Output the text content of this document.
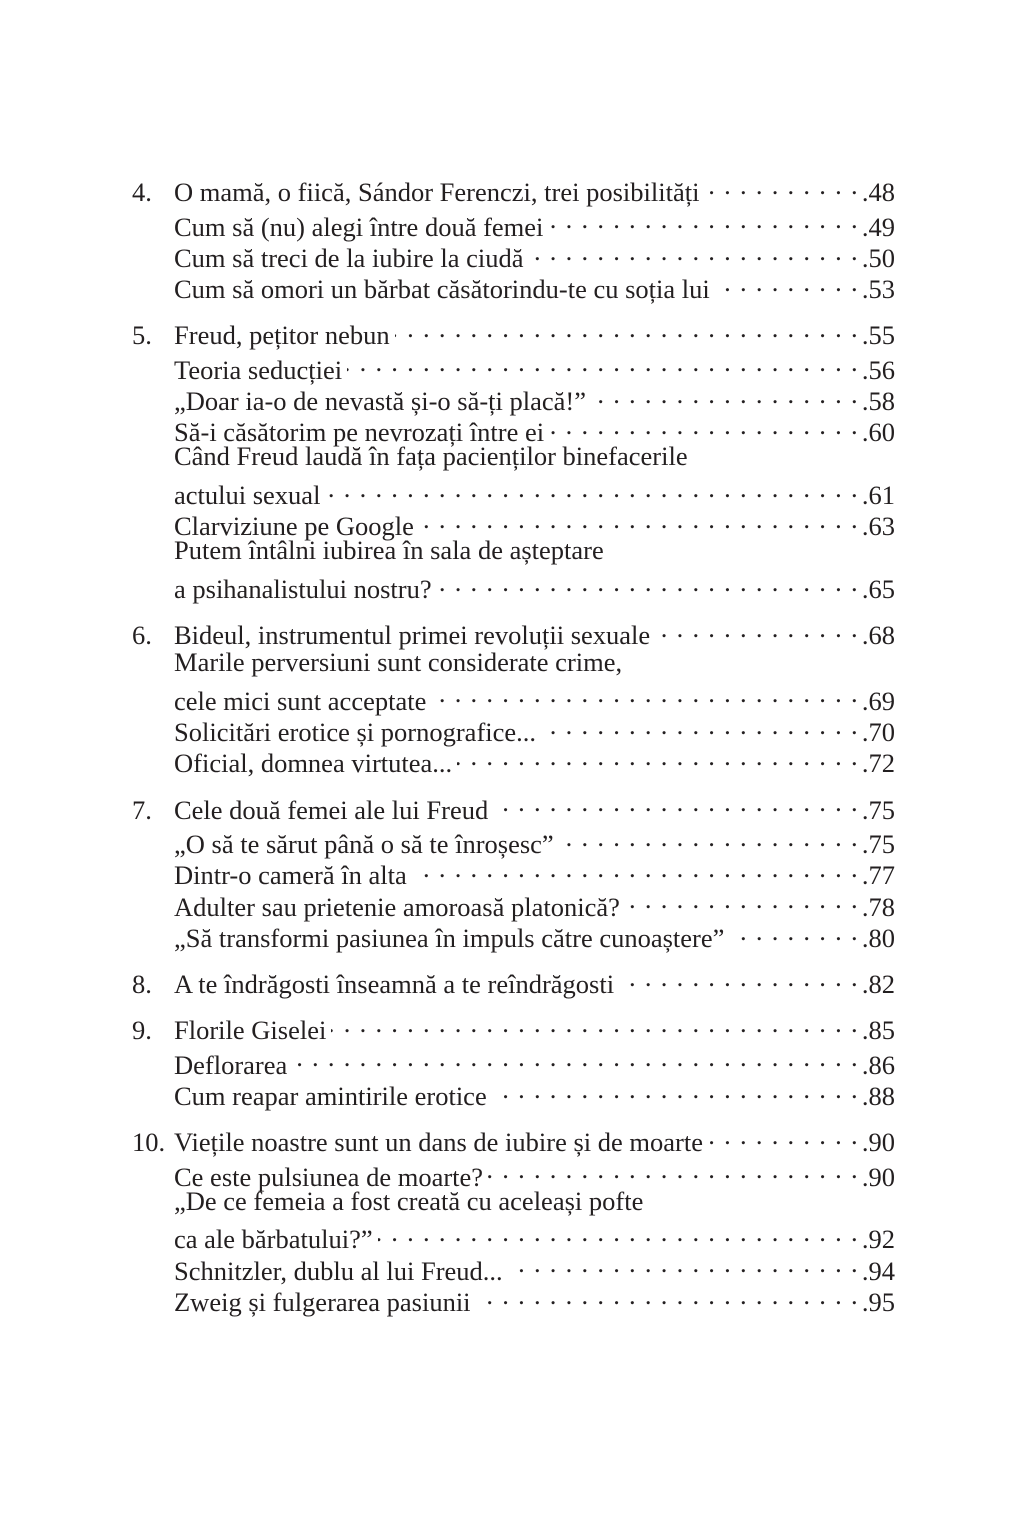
4. O mamă, o fiică, Sándor Ferenczi, trei posibilități . . .	.48
Cum să (nu) alegi între două femei . . .	.49
Cum să treci de la iubire la ciudă . . .	.50
Cum să omori un bărbat căsătorindu-te cu soția lui . . .	.53
5. Freud, pețitor nebun . . .	.55
Teoria seducției . . .	.56
„Doar ia-o de nevastă și-o să-ți placă!” . . .	.58
Să-i căsătorim pe nevrozați între ei . . .	.60
Când Freud laudă în fața pacienților binefacerile
actului sexual . . .	.61
Clarviziune pe Google . . .	.63
Putem întâlni iubirea în sala de așteptare
a psihanalistului nostru? . . .	.65
6. Bideul, instrumentul primei revoluții sexuale . . .	.68
Marile perversiuni sunt considerate crime,
cele mici sunt acceptate . . .	.69
Solicitări erotice și pornografice... . . .	.70
Oficial, domnea virtutea... . . .	.72
7. Cele două femei ale lui Freud . . .	.75
„O să te sărut până o să te înroșesc” . . .	.75
Dintr-o cameră în alta . . .	.77
Adulter sau prietenie amoroasă platonică? . . .	.78
„Să transformi pasiunea în impuls către cunoaștere” . . .	.80
8. A te îndrăgosti înseamnă a te reîndrăgosti . . .	.82
9. Florile Giselei . . .	.85
Deflorarea . . .	.86
Cum reapar amintirile erotice . . .	.88
10. Viețile noastre sunt un dans de iubire și de moarte . . .	.90
Ce este pulsiunea de moarte? . . .	.90
„De ce femeia a fost creată cu aceleași pofte
ca ale bărbatului?” . . .	.92
Schnitzler, dublu al lui Freud... . . .	.94
Zweig și fulgerarea pasiunii . . .	.95
